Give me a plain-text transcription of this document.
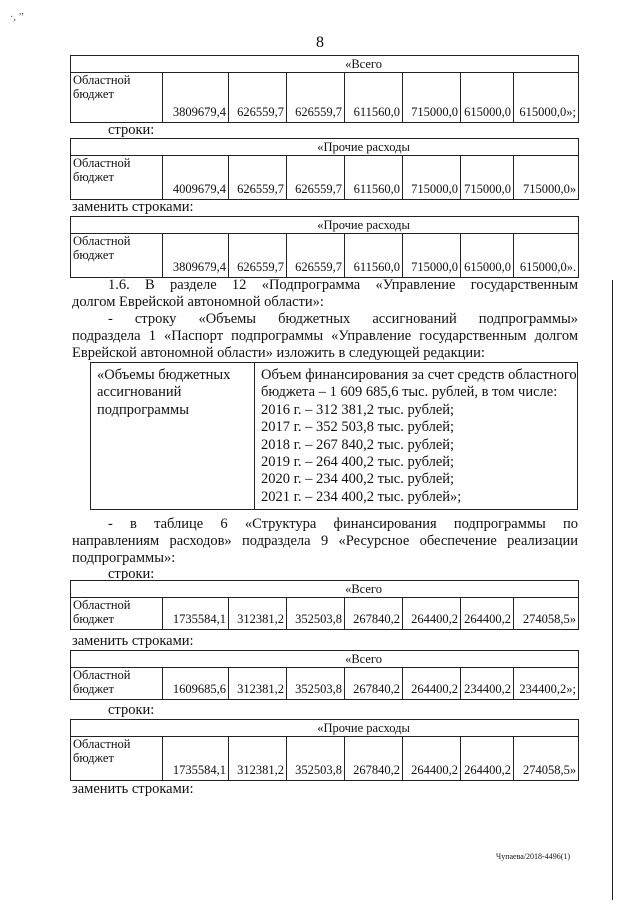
·, ’’
8
«Всего
Областной
бюджет	3809679,4	626559,7	626559,7	611560,0	715000,0	615000,0	615000,0»;
строки:
«Прочие расходы
Областной
бюджет	4009679,4	626559,7	626559,7	611560,0	715000,0	715000,0	715000,0»
заменить строками:
«Прочие расходы
Областной
бюджет	3809679,4	626559,7	626559,7	611560,0	715000,0	615000,0	615000,0».
1.6. В разделе 12 «Подпрограмма «Управление государственным
долгом Еврейской автономной области»:
- строку «Объемы бюджетных ассигнований подпрограммы»
подраздела 1 «Паспорт подпрограммы «Управление государственным долгом
Еврейской автономной области» изложить в следующей редакции:
«Объемы бюджетных
ассигнований
подпрограммы
Объем финансирования за счет средств областного
бюджета – 1 609 685,6 тыс. рублей, в том числе:
2016 г. – 312 381,2 тыс. рублей;
2017 г. – 352 503,8 тыс. рублей;
2018 г. – 267 840,2 тыс. рублей;
2019 г. – 264 400,2 тыс. рублей;
2020 г. – 234 400,2 тыс. рублей;
2021 г. – 234 400,2 тыс. рублей»;
- в таблице 6 «Структура финансирования подпрограммы по
направлениям расходов» подраздела 9 «Ресурсное обеспечение реализации
подпрограммы»:
строки:
«Всего
Областной
бюджет	1735584,1	312381,2	352503,8	267840,2	264400,2	264400,2	274058,5»
заменить строками:
«Всего
Областной
бюджет	1609685,6	312381,2	352503,8	267840,2	264400,2	234400,2	234400,2»;
строки:
«Прочие расходы
Областной
бюджет	1735584,1	312381,2	352503,8	267840,2	264400,2	264400,2	274058,5»
заменить строками:
Чупаева/2018-4496(1)
